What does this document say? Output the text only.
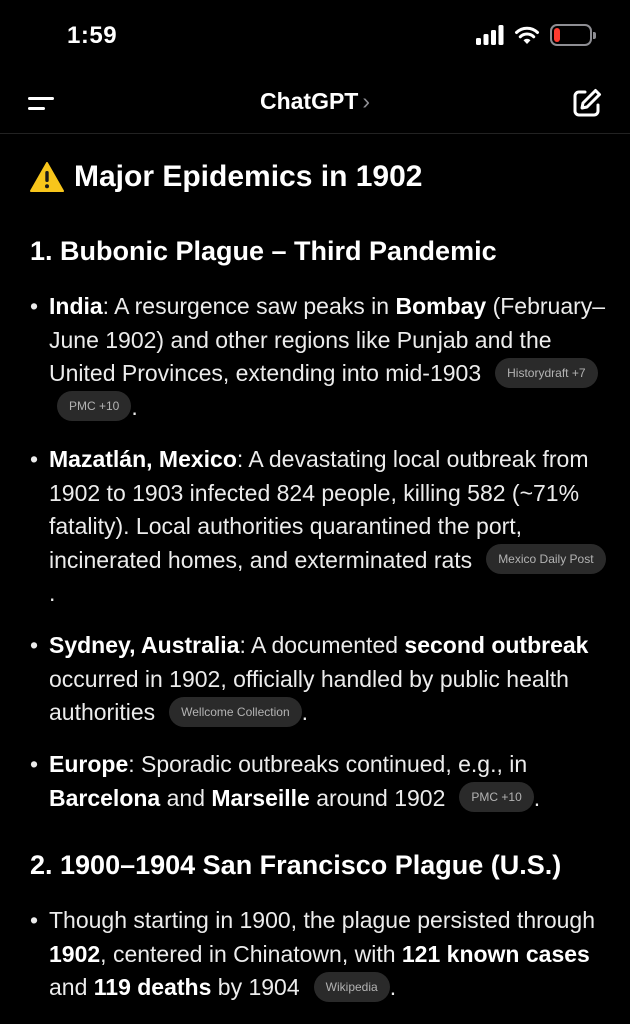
1:59
ChatGPT ›
Major Epidemics in 1902
1. Bubonic Plague – Third Pandemic
• India: A resurgence saw peaks in Bombay (February–June 1902) and other regions like Punjab and the United Provinces, extending into mid-1903 Historydraft +7PMC +10 .
• Mazatlán, Mexico: A devastating local outbreak from 1902 to 1903 infected 824 people, killing 582 (~71% fatality). Local authorities quarantined the port, incinerated homes, and exterminated rats Mexico Daily Post.
• Sydney, Australia: A documented second outbreak occurred in 1902, officially handled by public health authorities Wellcome Collection .
• Europe: Sporadic outbreaks continued, e.g., in Barcelona and Marseille around 1902 PMC +10 .
2. 1900–1904 San Francisco Plague (U.S.)
• Though starting in 1900, the plague persisted through 1902, centered in Chinatown, with 121 known cases and 119 deaths by 1904 Wikipedia .
